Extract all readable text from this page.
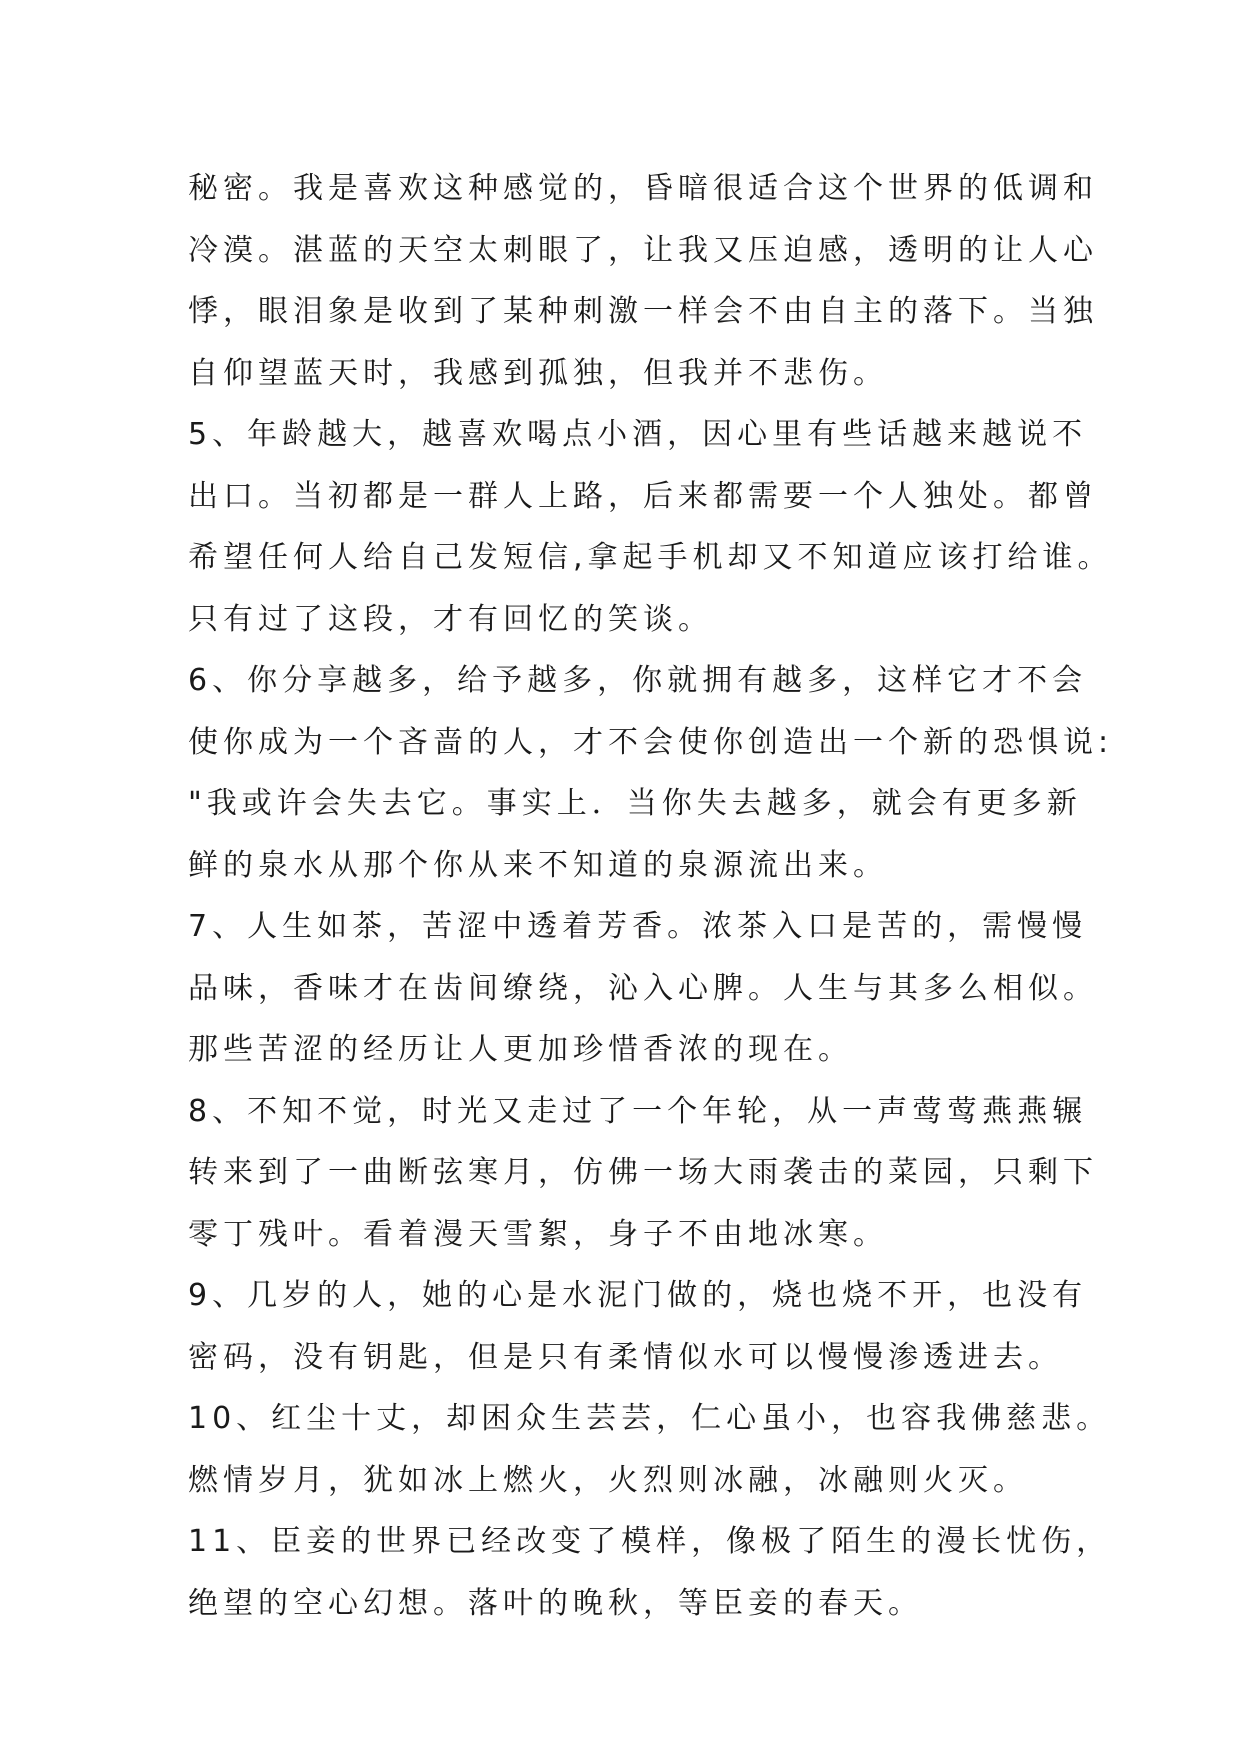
秘密。我是喜欢这种感觉的，昏暗很适合这个世界的低调和
冷漠。湛蓝的天空太刺眼了，让我又压迫感，透明的让人心
悸，眼泪象是收到了某种刺激一样会不由自主的落下。当独
自仰望蓝天时，我感到孤独，但我并不悲伤。
5、年龄越大，越喜欢喝点小酒，因心里有些话越来越说不
出口。当初都是一群人上路，后来都需要一个人独处。都曾
希望任何人给自己发短信,拿起手机却又不知道应该打给谁。
只有过了这段，才有回忆的笑谈。
6、你分享越多，给予越多，你就拥有越多，这样它才不会
使你成为一个吝啬的人，才不会使你创造出一个新的恐惧说:
"我或许会失去它。事实上．当你失去越多，就会有更多新
鲜的泉水从那个你从来不知道的泉源流出来。
7、人生如茶，苦涩中透着芳香。浓茶入口是苦的，需慢慢
品味，香味才在齿间缭绕，沁入心脾。人生与其多么相似。
那些苦涩的经历让人更加珍惜香浓的现在。
8、不知不觉，时光又走过了一个年轮，从一声莺莺燕燕辗
转来到了一曲断弦寒月，仿佛一场大雨袭击的菜园，只剩下
零丁残叶。看着漫天雪絮，身子不由地冰寒。
9、几岁的人，她的心是水泥门做的，烧也烧不开，也没有
密码，没有钥匙，但是只有柔情似水可以慢慢渗透进去。
10、红尘十丈，却困众生芸芸，仁心虽小，也容我佛慈悲。
燃情岁月，犹如冰上燃火，火烈则冰融，冰融则火灭。
11、臣妾的世界已经改变了模样，像极了陌生的漫长忧伤，
绝望的空心幻想。落叶的晚秋，等臣妾的春天。
